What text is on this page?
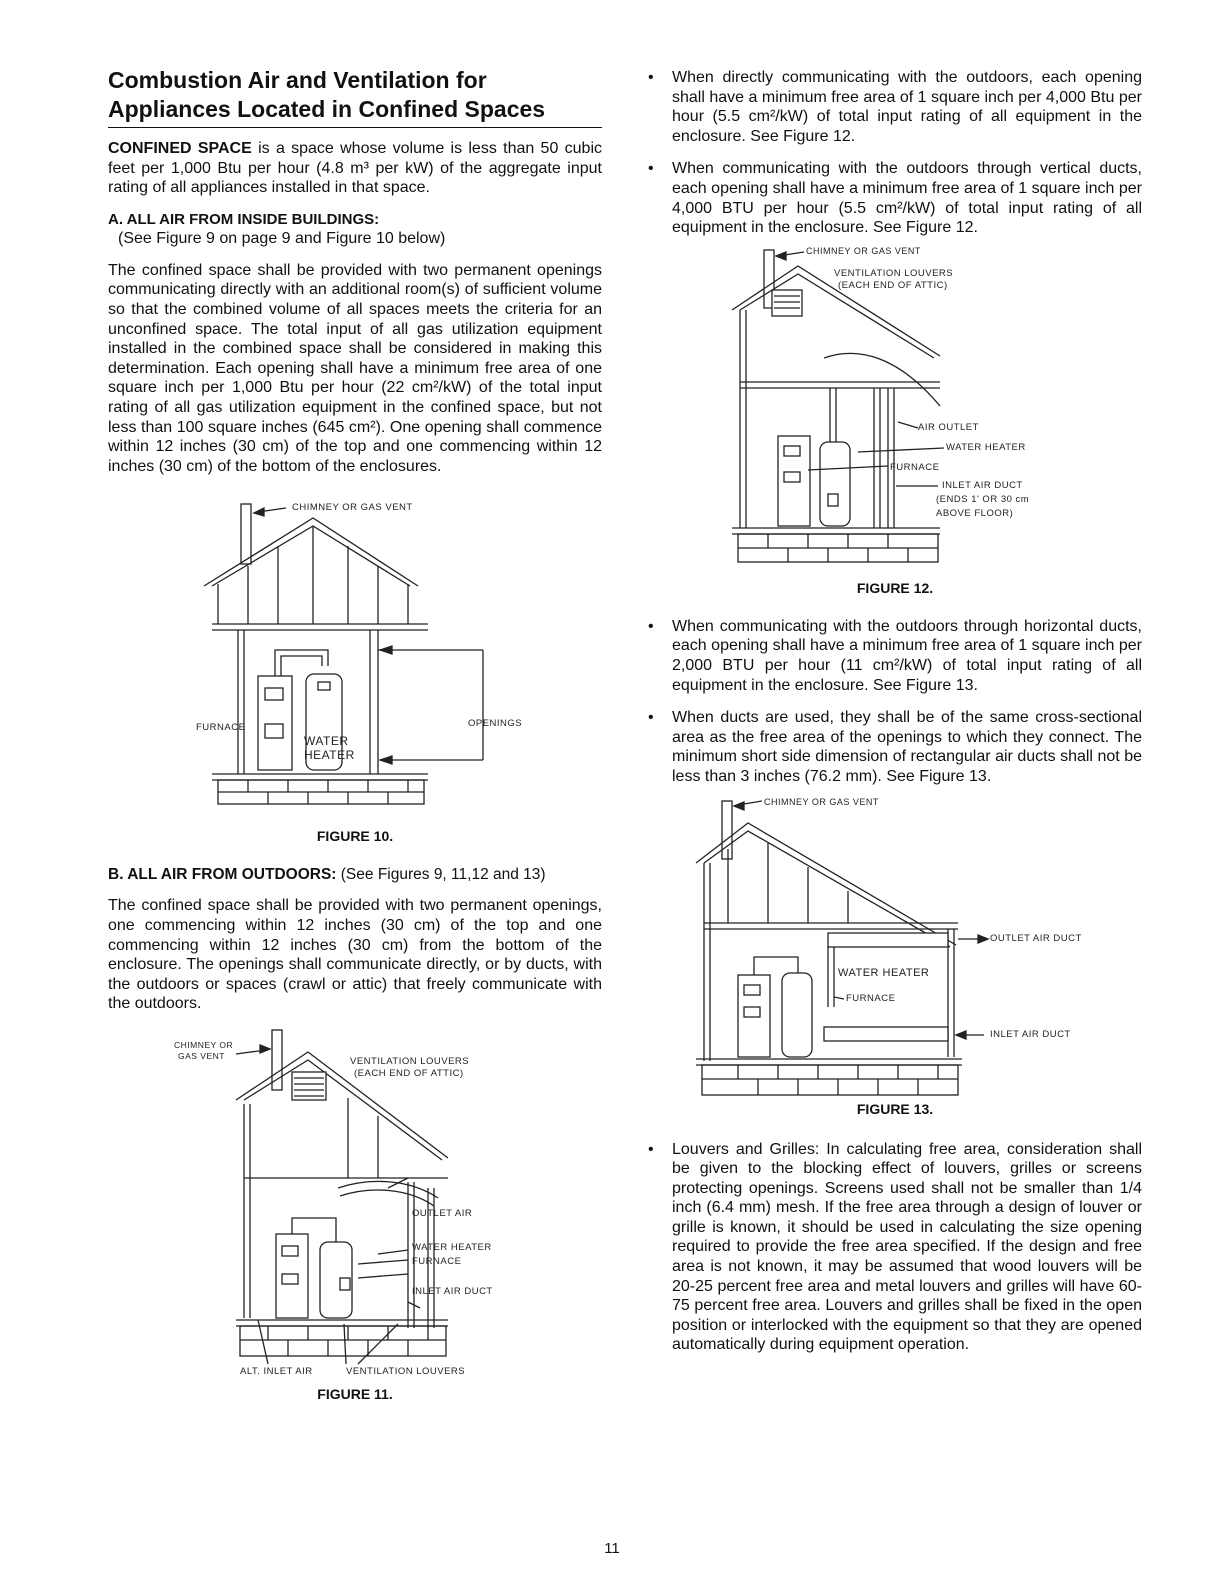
Combustion Air and Ventilation for
Appliances Located in Confined Spaces

CONFINED SPACE is a space whose volume is less than 50 cubic feet per 1,000 Btu per hour (4.8 m³ per kW) of the aggregate input rating of all appliances installed in that space.

A. ALL AIR FROM INSIDE BUILDINGS:
(See Figure 9 on page 9 and Figure 10 below)

The confined space shall be provided with two permanent openings communicating directly with an additional room(s) of sufficient volume so that the combined volume of all spaces meets the criteria for an unconfined space. The total input of all gas utilization equipment installed in the combined space shall be considered in making this determination. Each opening shall have a minimum free area of one square inch per 1,000 Btu per hour (22 cm²/kW) of the total input rating of all gas utilization equipment in the confined space, but not less than 100 square inches (645 cm²). One opening shall commence within 12 inches (30 cm) of the top and one commencing within 12 inches (30 cm) of the bottom of the enclosures.

CHIMNEY OR GAS VENT
FURNACE
WATER
HEATER
OPENINGS
FIGURE 10.
B. ALL AIR FROM OUTDOORS: (See Figures 9, 11,12 and 13)

The confined space shall be provided with two permanent openings, one commencing within 12 inches (30 cm) of the top and one commencing within 12 inches (30 cm) from the bottom of the enclosure. The openings shall communicate directly, or by ducts, with the outdoors or spaces (crawl or attic) that freely communicate with the outdoors.

CHIMNEY OR
GAS VENT	VENTILATION LOUVERS
(EACH END OF ATTIC)
OUTLET AIR
WATER HEATER
FURNACE
INLET AIR DUCT
ALT. INLET AIR	VENTILATION LOUVERS
FIGURE 11.

• When directly communicating with the outdoors, each opening shall have a minimum free area of 1 square inch per 4,000 Btu per hour (5.5 cm²/kW) of total input rating of all equipment in the enclosure. See Figure 12.

• When communicating with the outdoors through vertical ducts, each opening shall have a minimum free area of 1 square inch per 4,000 BTU per hour (5.5 cm²/kW) of total input rating of all equipment in the enclosure. See Figure 12.

CHIMNEY OR GAS VENT
VENTILATION LOUVERS
(EACH END OF ATTIC)
AIR OUTLET
WATER HEATER
FURNACE
INLET AIR DUCT
(ENDS 1' OR 30 cm
ABOVE FLOOR)
FIGURE 12.

• When communicating with the outdoors through horizontal ducts, each opening shall have a minimum free area of 1 square inch per 2,000 BTU per hour (11 cm²/kW) of total input rating of all equipment in the enclosure. See Figure 13.

• When ducts are used, they shall be of the same cross-sectional area as the free area of the openings to which they connect. The minimum short side dimension of rectangular air ducts shall not be less than 3 inches (76.2 mm). See Figure 13.

CHIMNEY OR GAS VENT
OUTLET AIR DUCT
WATER HEATER
FURNACE
INLET AIR DUCT
FIGURE 13.

• Louvers and Grilles: In calculating free area, consideration shall be given to the blocking effect of louvers, grilles or screens protecting openings. Screens used shall not be smaller than 1/4 inch (6.4 mm) mesh. If the free area through a design of louver or grille is known, it should be used in calculating the size opening required to provide the free area specified. If the design and free area is not known, it may be assumed that wood louvers will be 20-25 percent free area and metal louvers and grilles will have 60-75 percent free area. Louvers and grilles shall be fixed in the open position or interlocked with the equipment so that they are opened automatically during equipment operation.

11
